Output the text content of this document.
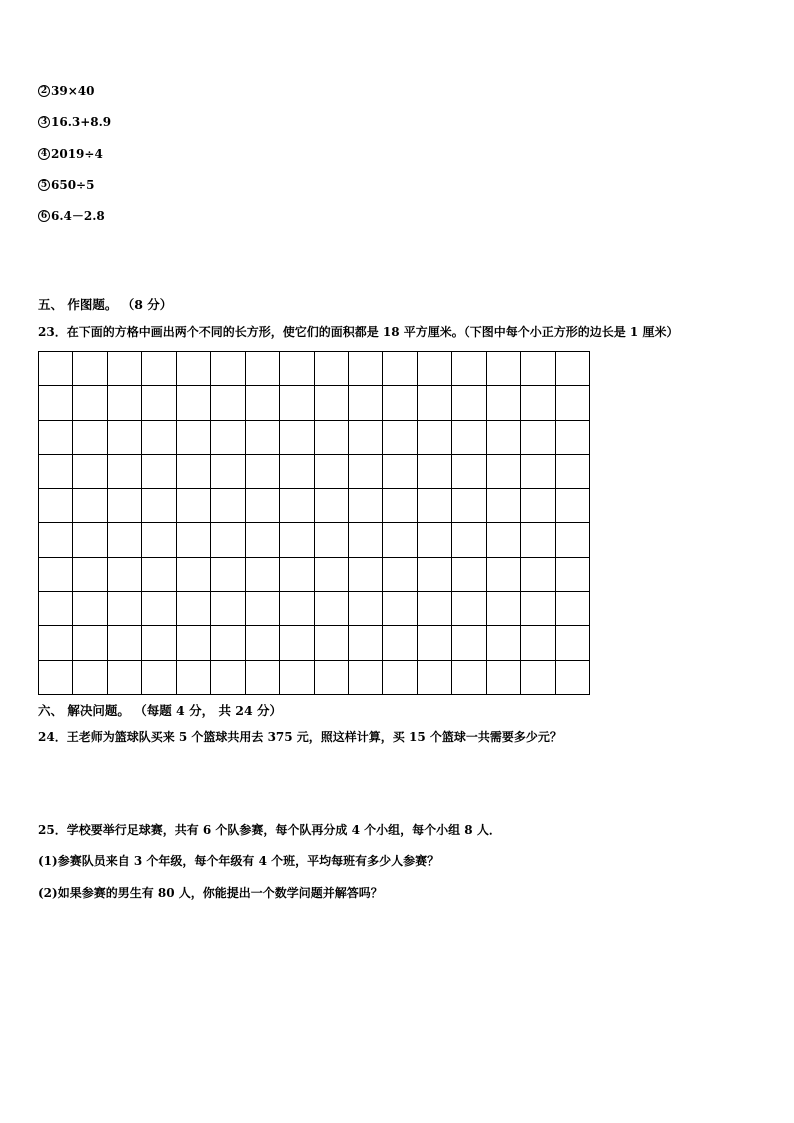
2 39×40
3 16.3+8.9
4 2019÷4
5 650÷5
6 6.4－2.8
五、 作图题。 （8 分）
23．在下面的方格中画出两个不同的长方形，使它们的面积都是 18 平方厘米。（下图中每个小正方形的边长是 1 厘米）
六、 解决问题。 （每题 4 分， 共 24 分）
24．王老师为篮球队买来 5 个篮球共用去 375 元，照这样计算，买 15 个篮球一共需要多少元？
25．学校要举行足球赛，共有 6 个队参赛，每个队再分成 4 个小组，每个小组 8 人．
(1)参赛队员来自 3 个年级，每个年级有 4 个班，平均每班有多少人参赛？
(2)如果参赛的男生有 80 人，你能提出一个数学问题并解答吗？
